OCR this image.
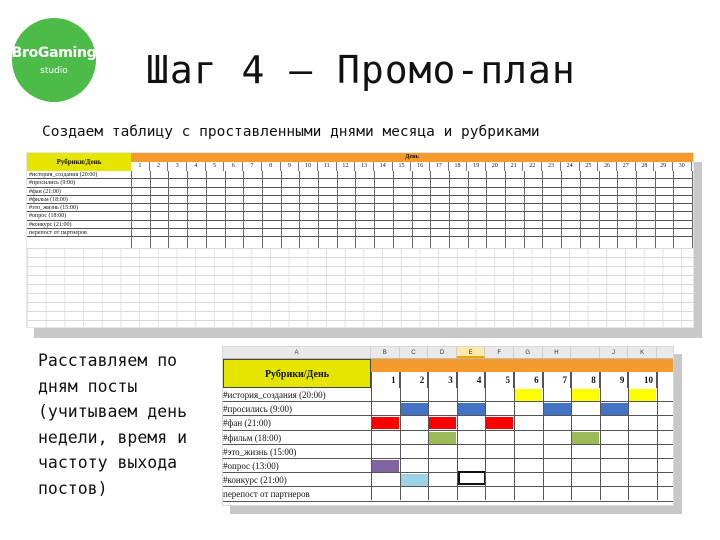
BroGaming
studio Шаг 4 — Промо-план
Создаем таблицу с проставленными днями месяца и рубриками
Расставляем по дням посты (учитываем день недели, время и частоту выхода постов)
Рубрики/День
День
1	2	3	4	5	6	7	8	9	10	11	12	13	14	15	16	17	18	19	20	21	22	23	24	25	26	27	28	29	30
#история_создания (20:00)
#просились (9:00)
#фан (21:00)
#фильм (18:00)
#это_жизнь (15:00)
#опрос (18:00)
#конкурс (21:00)
перепост от партнеров
A	B	C	D	E	F	G	H	J	K
Рубрики/День	1	2	3	4	5	6	7	8	9	10
#история_создания (20:00)
#просились (9:00)
#фан (21:00)
#фильм (18:00)
#это_жизнь (15:00)
#опрос (13:00)
#конкурс (21:00)
перепост от партнеров
